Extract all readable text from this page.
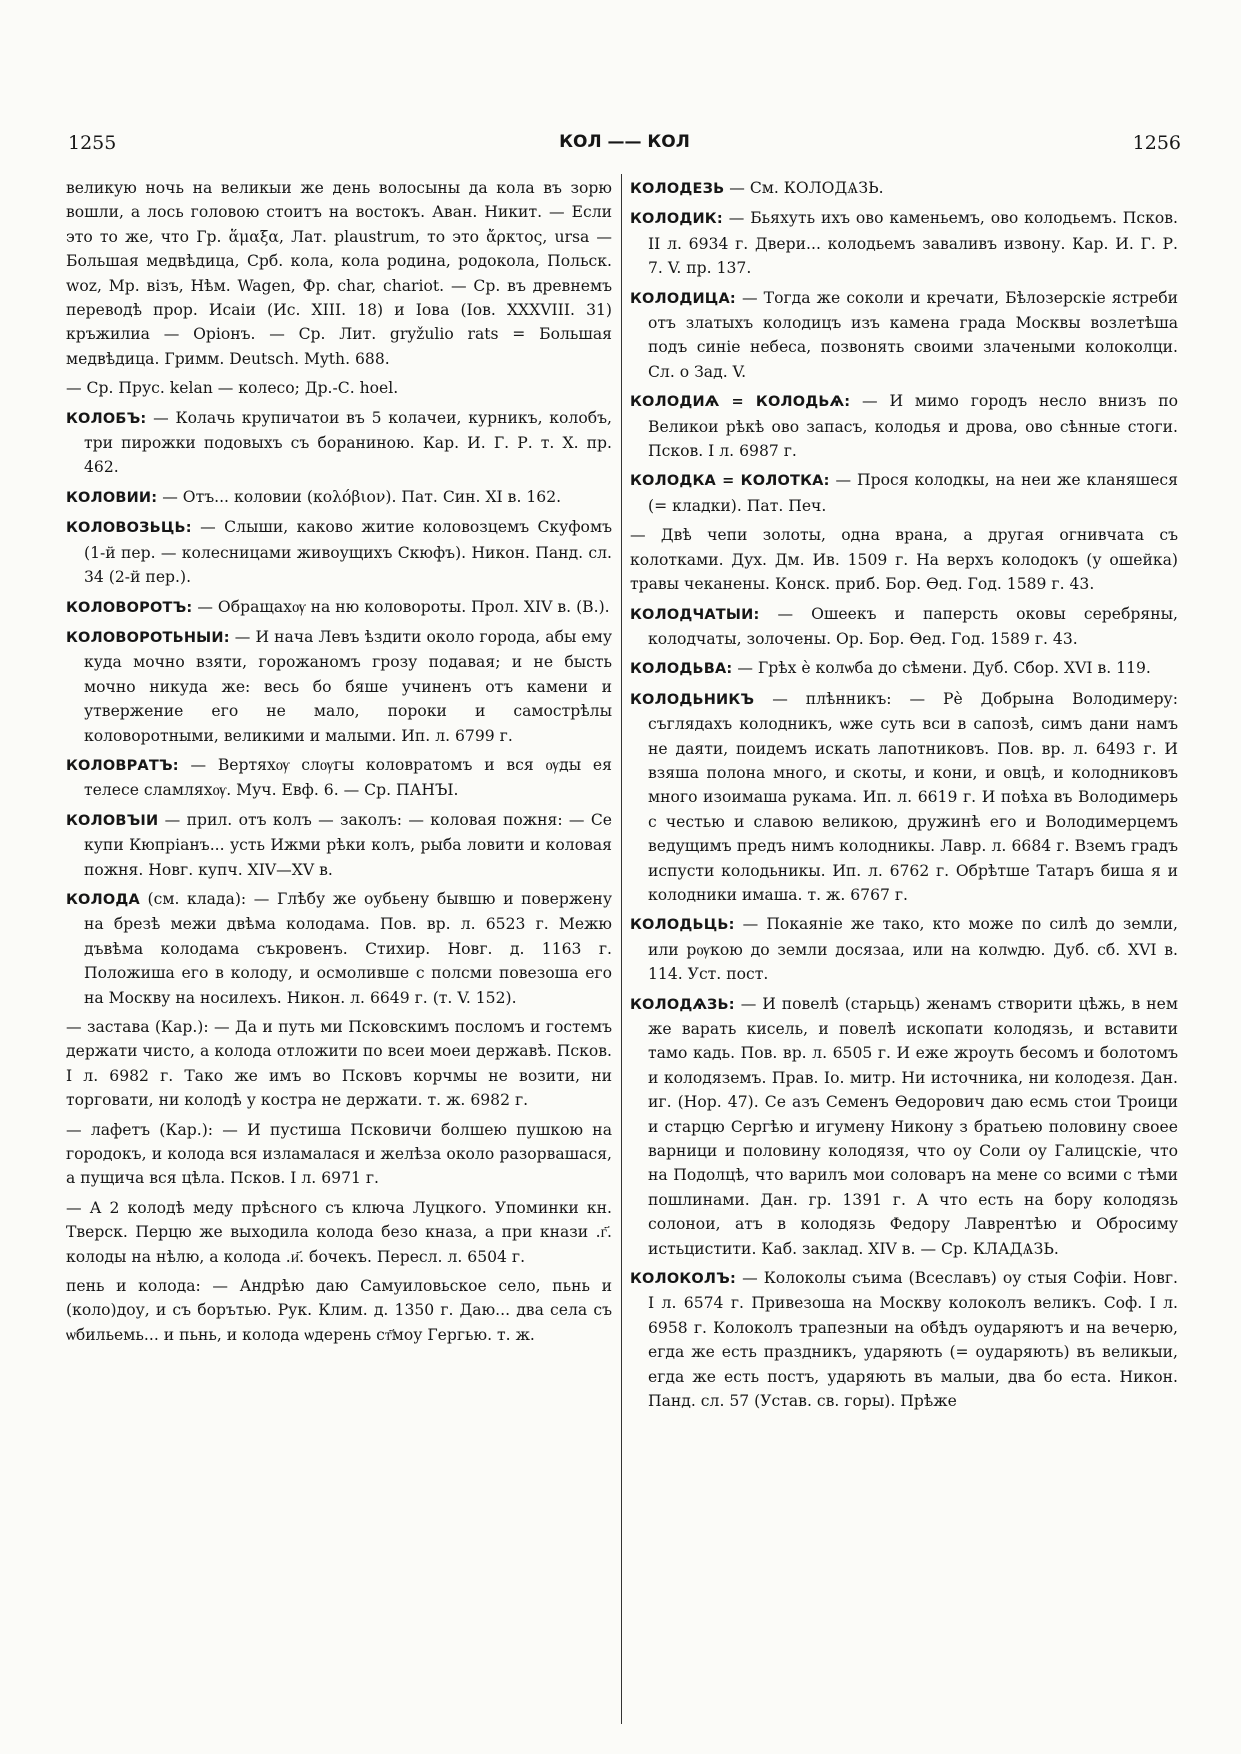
1255	КОЛ —— КОЛ	1256

великую ночь на великыи же день волосыны да кола въ зорю вошли, а лось головою стоитъ на востокъ. Аван. Никит. — Если это то же, что Гр. ἅμαξα, Лат. plaustrum, то это ἄρκτος, ursa — Большая медвѣдица, Срб. кола, кола родина, родокола, Польск. woz, Мр. вiзъ, Нѣм. Wagen, Фр. char, chariot. — Ср. въ древнемъ переводѣ прор. Исаiи (Ис. XIII. 18) и Іова (Іов. XXXVIII. 31) кръжилиа — Оріонъ. — Ср. Лит. gryžulio rats = Большая медвѣдица. Гримм. Deutsch. Myth. 688.

— Ср. Прус. kelan — колесо; Др.-С. hoel.

КОЛОБЪ: — Колачь крупичатои въ 5 колачеи, курникъ, колобъ, три пирожки подовыхъ съ бораниною. Кар. И. Г. Р. т. X. пр. 462.

КОЛОВИИ: — Отъ... коловии (κολόβιον). Пат. Син. XI в. 162.

КОЛОВОЗЬЦЬ: — Слыши, каково житие коловозцемъ Скуфомъ (1-й пер. — колесницами живоущихъ Скюфъ). Никон. Панд. сл. 34 (2-й пер.).

КОЛОВОРОТЪ: — Обращахѹ на ню коловороты. Прол. XIV в. (В.).

КОЛОВОРОТЬНЫИ: — И нача Левъ ѣздити около города, абы ему куда мочно взяти, горожаномъ грозу подавая; и не бысть мочно никуда же: весь бо бяше учиненъ отъ камени и утвержение его не мало, пороки и самострѣлы коловоротными, великими и малыми. Ип. л. 6799 г.

КОЛОВРАТЪ: — Вертяхѹ слѹгы коловратомъ и вся ѹды ея телесе сламляхѹ. Муч. Евф. 6. — Ср. ПАНЪІ.

КОЛОВЪІИ — прил. отъ колъ — заколъ: — коловая пожня: — Се купи Кюпріанъ... усть Ижми рѣки колъ, рыба ловити и коловая пожня. Новг. купч. XIV—XV в.

КОЛОДА (см. клада): — Глѣбу же оубьену бывшю и повержену на брезѣ межи двѣма колодама. Пов. вр. л. 6523 г. Межю дъвѣма колодама съкровенъ. Стихир. Новг. д. 1163 г. Положиша его в колоду, и осмоливше с полсми повезоша его на Москву на носилехъ. Никон. л. 6649 г. (т. V. 152).

— застава (Кар.): — Да и путь ми Псковскимъ посломъ и гостемъ держати чисто, а колода отложити по всеи моеи державѣ. Псков. I л. 6982 г. Тако же имъ во Псковъ корчмы не возити, ни торговати, ни колодѣ у костра не держати. т. ж. 6982 г.

— лафетъ (Кар.): — И пустиша Псковичи болшею пушкою на городокъ, и колода вся изламалася и желѣза около разорвашася, а пущича вся цѣла. Псков. I л. 6971 г.

— А 2 колодѣ меду прѣсного съ ключа Луцкого. Упоминки кн. Тверск. Перцю же выходила колода безо кназа, а при кнази .г҃. колоды на нѣлю, а колода .и҃. бочекъ. Пересл. л. 6504 г.

пень и колода: — Андрѣю даю Самуиловьское село, пьнь и (коло)доу, и съ борътью. Рук. Клим. д. 1350 г. Даю... два села съ ѡбильемь... и пьнь, и колода ѡдерень ст҃моу Гергью. т. ж.

КОЛОДЕЗЬ — См. КОЛОДѦЗЬ.

КОЛОДИК: — Бьяхуть ихъ ово каменьемъ, ово колодьемъ. Псков. II л. 6934 г. Двери... колодьемъ заваливъ извону. Кар. И. Г. Р. 7. V. пр. 137.

КОЛОДИЦА: — Тогда же соколи и кречати, Бѣлозерскіе ястреби отъ златыхъ колодицъ изъ камена града Москвы возлетѣша подъ синіе небеса, позвонять своими злачеными колоколци. Сл. о Зад. V.

КОЛОДИѦ = КОЛОДЬѦ: — И мимо городъ несло внизъ по Великои рѣкѣ ово запасъ, колодья и дрова, ово сѣнные стоги. Псков. I л. 6987 г.

КОЛОДКА = КОЛОТКА: — Прося колодкы, на неи же кланяшеся (= кладки). Пат. Печ.

— Двѣ чепи золоты, одна врана, а другая огнивчата съ колотками. Дух. Дм. Ив. 1509 г. На верхъ колодокъ (у ошейка) травы чеканены. Конск. приб. Бор. Ѳед. Год. 1589 г. 43.

КОЛОДЧАТЫИ: — Ошеекъ и паперсть оковы серебряны, колодчаты, золочены. Ор. Бор. Ѳед. Год. 1589 г. 43.

КОЛОДЬВА: — Грѣх ѐ колѡба до сѣмени. Дуб. Сбор. XVI в. 119.

КОЛОДЬНИКЪ — плѣнникъ: — Рѐ Добрына Володимеру: съглядахъ колодникъ, ѡже суть вси в сапозѣ, симъ дани намъ не даяти, поидемъ искать лапотниковъ. Пов. вр. л. 6493 г. И взяша полона много, и скоты, и кони, и овцѣ, и колодниковъ много изоимаша рукама. Ип. л. 6619 г. И поѣха въ Володимерь с честью и славою великою, дружинѣ его и Володимерцемъ ведущимъ предъ нимъ колодникы. Лавр. л. 6684 г. Вземъ градъ испусти колодьникы. Ип. л. 6762 г. Обрѣтше Татаръ биша я и колодники имаша. т. ж. 6767 г.

КОЛОДЬЦЬ: — Покаяніе же тако, кто може по силѣ до земли, или рѹкою до земли досязаа, или на колѡдю. Дуб. сб. XVI в. 114. Уст. пост.

КОЛОДѦЗЬ: — И повелѣ (старьць) женамъ створити цѣжь, в нем же варать кисель, и повелѣ ископати колодязь, и вставити тамо кадь. Пов. вр. л. 6505 г. И еже жроуть бесомъ и болотомъ и колодяземъ. Прав. Іо. митр. Ни источника, ни колодезя. Дан. иг. (Нор. 47). Се азъ Семенъ Ѳедорович даю есмь стои Троици и старцю Сергѣю и игумену Никону з братьею половину своее варници и половину колодязя, что оу Соли оу Галицскіе, что на Подолцѣ, что варилъ мои соловаръ на мене со всими с тѣми пошлинами. Дан. гр. 1391 г. А что есть на бору колодязь солонои, атъ в колодязь Федору Лаврентѣю и Обросиму истьцистити. Каб. заклад. XIV в. — Ср. КЛАДѦЗЬ.

КОЛОКОЛЪ: — Колоколы съима (Всеславъ) оу стыя Софіи. Новг. I л. 6574 г. Привезоша на Москву колоколъ великъ. Соф. I л. 6958 г. Колоколъ трапезныи на обѣдъ оударяютъ и на вечерю, егда же есть праздникъ, ударяють (= оударяють) въ великыи, егда же есть постъ, ударяють въ малыи, два бо еста. Никон. Панд. сл. 57 (Устав. св. горы). Прѣже
